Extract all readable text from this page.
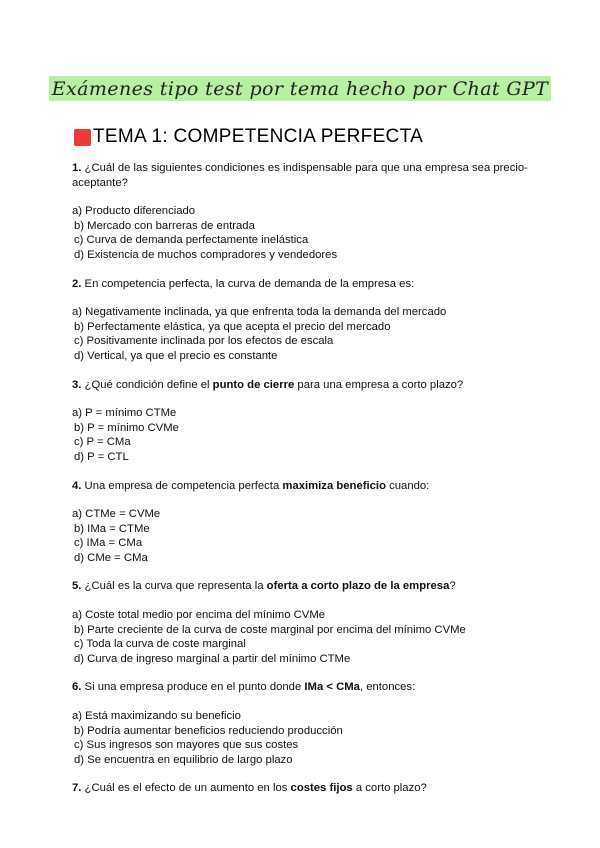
Exámenes tipo test por tema hecho por Chat GPT
TEMA 1: COMPETENCIA PERFECTA

1. ¿Cuál de las siguientes condiciones es indispensable para que una empresa sea precio-aceptante?

a) Producto diferenciado

b) Mercado con barreras de entrada

c) Curva de demanda perfectamente inelástica

d) Existencia de muchos compradores y vendedores

2. En competencia perfecta, la curva de demanda de la empresa es:

a) Negativamente inclinada, ya que enfrenta toda la demanda del mercado

b) Perfectamente elástica, ya que acepta el precio del mercado

c) Positivamente inclinada por los efectos de escala

d) Vertical, ya que el precio es constante

3. ¿Qué condición define el punto de cierre para una empresa a corto plazo?

a) P = mínimo CTMe

b) P = mínimo CVMe

c) P = CMa

d) P = CTL

4. Una empresa de competencia perfecta maximiza beneficio cuando:

a) CTMe = CVMe

b) IMa = CTMe

c) IMa = CMa

d) CMe = CMa

5. ¿Cuál es la curva que representa la oferta a corto plazo de la empresa?

a) Coste total medio por encima del mínimo CVMe

b) Parte creciente de la curva de coste marginal por encima del mínimo CVMe

c) Toda la curva de coste marginal

d) Curva de ingreso marginal a partir del mínimo CTMe

6. Si una empresa produce en el punto donde IMa < CMa, entonces:

a) Está maximizando su beneficio

b) Podría aumentar beneficios reduciendo producción

c) Sus ingresos son mayores que sus costes

d) Se encuentra en equilibrio de largo plazo

7. ¿Cuál es el efecto de un aumento en los costes fijos a corto plazo?
